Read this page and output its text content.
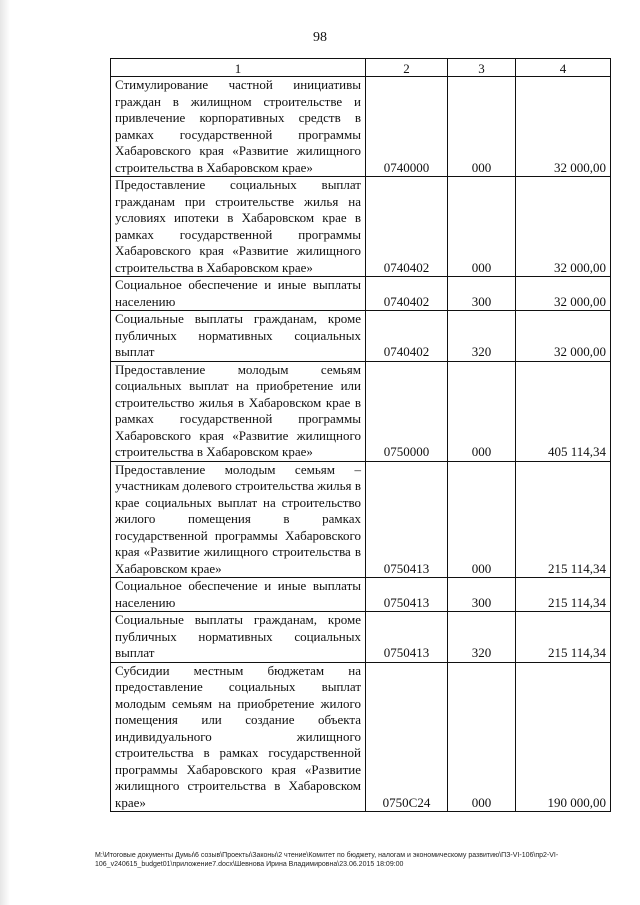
98
1	2	3	4
Стимулирование частной инициативы граждан в жилищном строительстве и привлечение корпоративных средств в рамках государственной программы Хабаровского края «Развитие жилищного строительства в Хабаровском крае»	0740000	000	32 000,00
Предоставление социальных выплат гражданам при строительстве жилья на условиях ипотеки в Хабаровском крае в рамках государственной программы Хабаровского края «Развитие жилищного строительства в Хабаровском крае»	0740402	000	32 000,00
Социальное обеспечение и иные выплаты населению	0740402	300	32 000,00
Социальные выплаты гражданам, кроме публичных нормативных социальных выплат	0740402	320	32 000,00
Предоставление молодым семьям социальных выплат на приобретение или строительство жилья в Хабаровском крае в рамках государственной программы Хабаровского края «Развитие жилищного строительства в Хабаровском крае»	0750000	000	405 114,34
Предоставление молодым семьям – участникам долевого строительства жилья в крае социальных выплат на строительство жилого помещения в рамках государственной программы Хабаровского края «Развитие жилищного строительства в Хабаровском крае»	0750413	000	215 114,34
Социальное обеспечение и иные выплаты населению	0750413	300	215 114,34
Социальные выплаты гражданам, кроме публичных нормативных социальных выплат	0750413	320	215 114,34
Субсидии местным бюджетам на предоставление социальных выплат молодым семьям на приобретение жилого помещения или создание объекта индивидуального жилищного строительства в рамках государственной программы Хабаровского края «Развитие жилищного строительства в Хабаровском крае»	0750С24	000	190 000,00
M:\Итоговые документы Думы\6 созыв\Проекты\Законы\2 чтение\Комитет по бюджету, налогам и экономическому развитию\ПЗ-VI-106\пр2-VI-
106_v240615_budget01\приложение7.docx\Шевнова Ирина Владимировна\23.06.2015 18:09:00
